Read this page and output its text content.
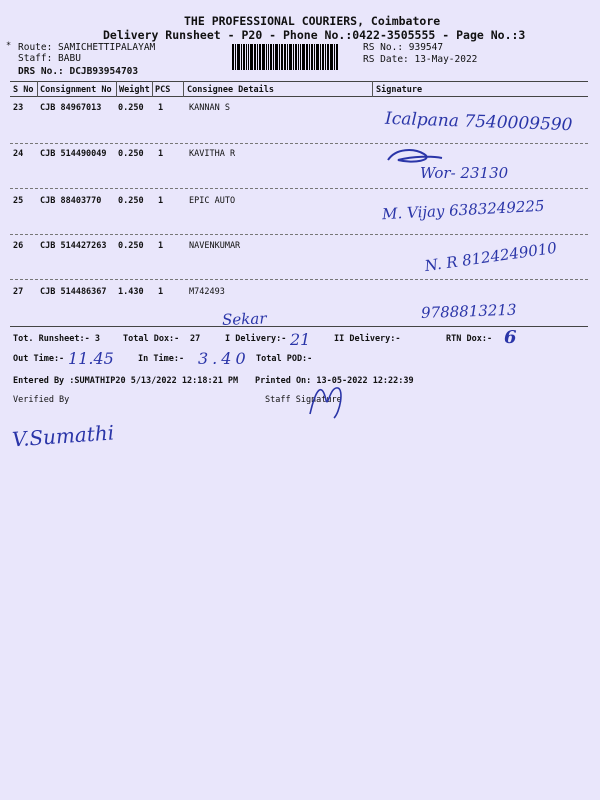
THE PROFESSIONAL COURIERS, Coimbatore
Delivery Runsheet - P20 - Phone No.:0422-3505555 - Page No.:3
* Route: SAMICHETTIPALAYAM
Staff: BABU
DRS No.: DCJB93954703
RS No.: 939547
RS Date: 13-May-2022
S No Consignment No Weight PCS Consignee Details	Signature
23 CJB 84967013 0.250 1	KANNAN S
Icalpana 7540009590
24 CJB 514490049 0.250 1	KAVITHA R
Wor- 23130
25 CJB 88403770 0.250 1	EPIC AUTO	M. Vijay 6383249225
26 CJB 514427263 0.250 1	NAVENKUMAR	N. R 8124249010
27 CJB 514486367 1.430 1	M742493
Sekar 9788813213
Tot. Runsheet:- 3	Total Dox:- 27	I Delivery:- 21	II Delivery:-	RTN Dox:- 6
Out Time:- 11.45	In Time:- 3.40 Total POD:-
Entered By :SUMATHIP20 5/13/2022 12:18:21 PM Printed On: 13-05-2022 12:22:39
Verified By	Staff Signature
V.Sumathi
